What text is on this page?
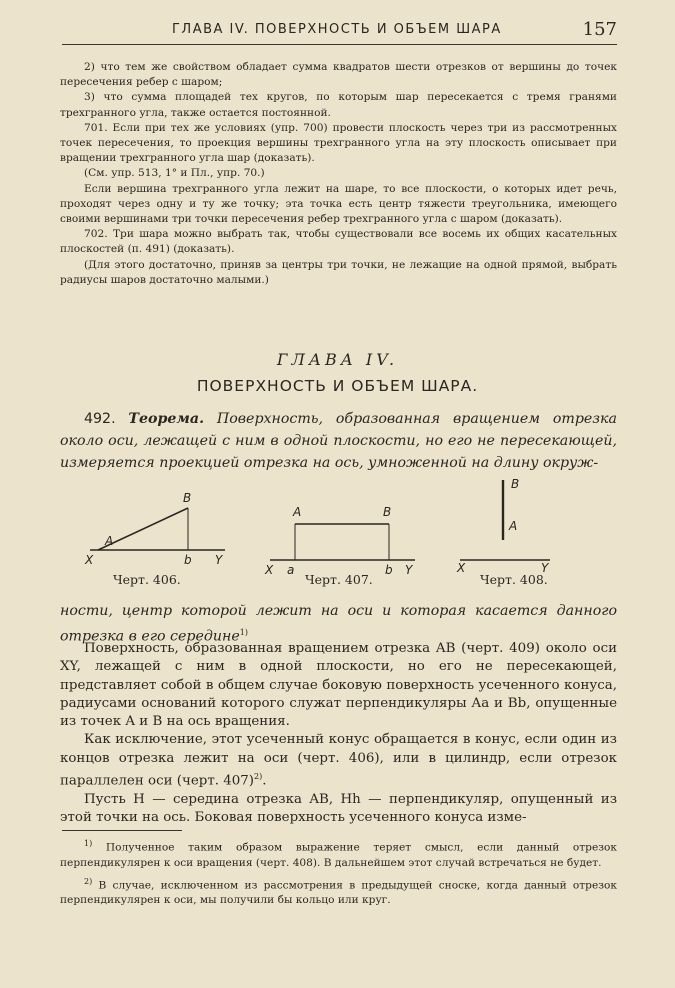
ГЛАВА IV. ПОВЕРХНОСТЬ И ОБЪЕМ ШАРА	157

2) что тем же свойством обладает сумма квадратов шести отрезков от вершины до точек пересечения ребер с шаром;

3) что сумма площадей тех кругов, по которым шар пересекается с тремя гранями трехгранного угла, также остается постоянной.

701. Если при тех же условиях (упр. 700) провести плоскость через три из рассмотренных точек пересечения, то проекция вершины трехгранного угла на эту плоскость описывает при вращении трехгранного угла шар (доказать).

(См. упр. 513, 1° и Пл., упр. 70.)

Если вершина трехгранного угла лежит на шаре, то все плоскости, о которых идет речь, проходят через одну и ту же точку; эта точка есть центр тяжести треугольника, имеющего своими вершинами три точки пересечения ребер трехгранного угла с шаром (доказать).

702. Три шара можно выбрать так, чтобы существовали все восемь их общих касательных плоскостей (п. 491) (доказать).

(Для этого достаточно, приняв за центры три точки, не лежащие на одной прямой, выбрать радиусы шаров достаточно малыми.)

ГЛАВА IV.
ПОВЕРХНОСТЬ И ОБЪЕМ ШАРА.
492. Теорема. Поверхность, образованная вращением отрезка около оси, лежащей с ним в одной плоскости, но его не пересекающей, измеряется проекцией отрезка на ось, умноженной на длину окруж-
B
A
X	b Y
Черт. 406.
A	B
X a	b Y
Черт. 407.
B
A
X	Y
Черт. 408.
ности, центр которой лежит на оси и которая касается данного отрезка в его середине$^{1)}$

Поверхность, образованная вращением отрезка AB (черт. 409) около оси XY, лежащей с ним в одной плоскости, но его не пересекающей, представляет собой в общем случае боковую поверхность усеченного конуса, радиусами оснований которого служат перпендикуляры Aa и Bb, опущенные из точек A и B на ось вращения.

Как исключение, этот усеченный конус обращается в конус, если один из концов отрезка лежит на оси (черт. 406), или в цилиндр, если отрезок параллелен оси (черт. 407)$^{2)}$.

Пусть H — середина отрезка AB, Hh — перпендикуляр, опущенный из этой точки на ось. Боковая поверхность усеченного конуса изме-

$^{1)}$ Полученное таким образом выражение теряет смысл, если данный отрезок перпендикулярен к оси вращения (черт. 408). В дальнейшем этот случай встречаться не будет.

$^{2)}$ В случае, исключенном из рассмотрения в предыдущей сноске, когда данный отрезок перпендикулярен к оси, мы получили бы кольцо или круг.
